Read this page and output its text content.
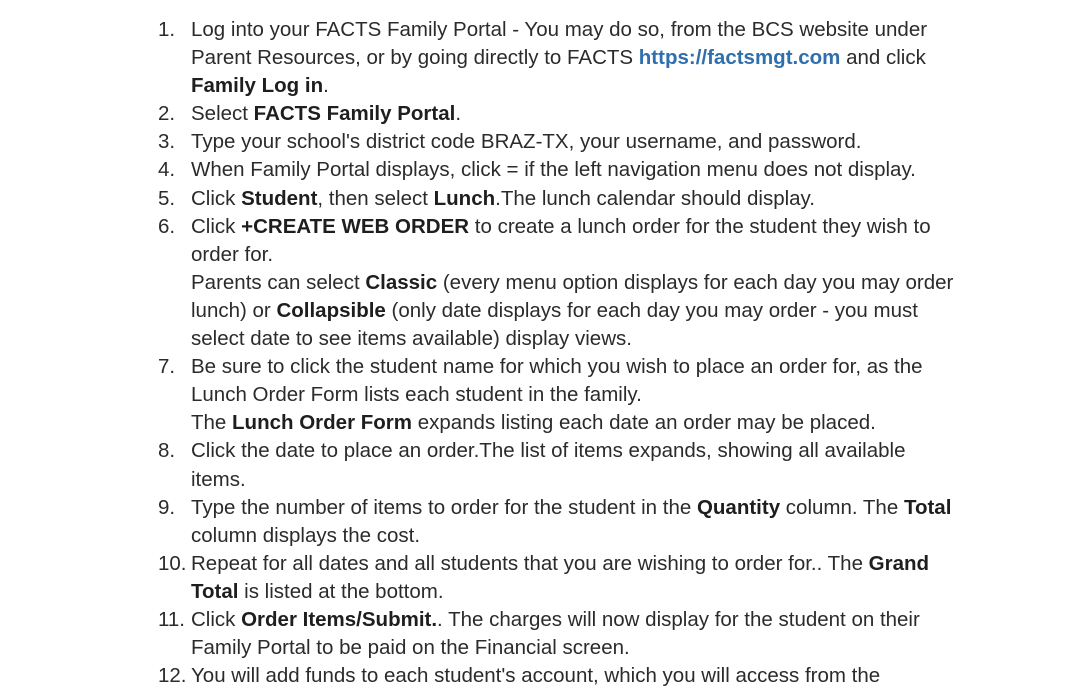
1. Log into your FACTS Family Portal - You may do so, from the BCS website under Parent Resources, or by going directly to FACTS https://factsmgt.com and click Family Log in.
2. Select FACTS Family Portal.
3. Type your school's district code BRAZ-TX, your username, and password.
4. When Family Portal displays, click = if the left navigation menu does not display.
5. Click Student, then select Lunch.The lunch calendar should display.
6. Click +CREATE WEB ORDER to create a lunch order for the student they wish to order for.
Parents can select Classic (every menu option displays for each day you may order lunch) or Collapsible (only date displays for each day you may order - you must select date to see items available) display views.
7. Be sure to click the student name for which you wish to place an order for, as the Lunch Order Form lists each student in the family.
The Lunch Order Form expands listing each date an order may be placed.
8. Click the date to place an order.The list of items expands, showing all available items.
9. Type the number of items to order for the student in the Quantity column. The Total column displays the cost.
10. Repeat for all dates and all students that you are wishing to order for.. The Grand Total is listed at the bottom.
11. Click Order Items/Submit.. The charges will now display for the student on their Family Portal to be paid on the Financial screen.
12. You will add funds to each student's account, which you will access from the
